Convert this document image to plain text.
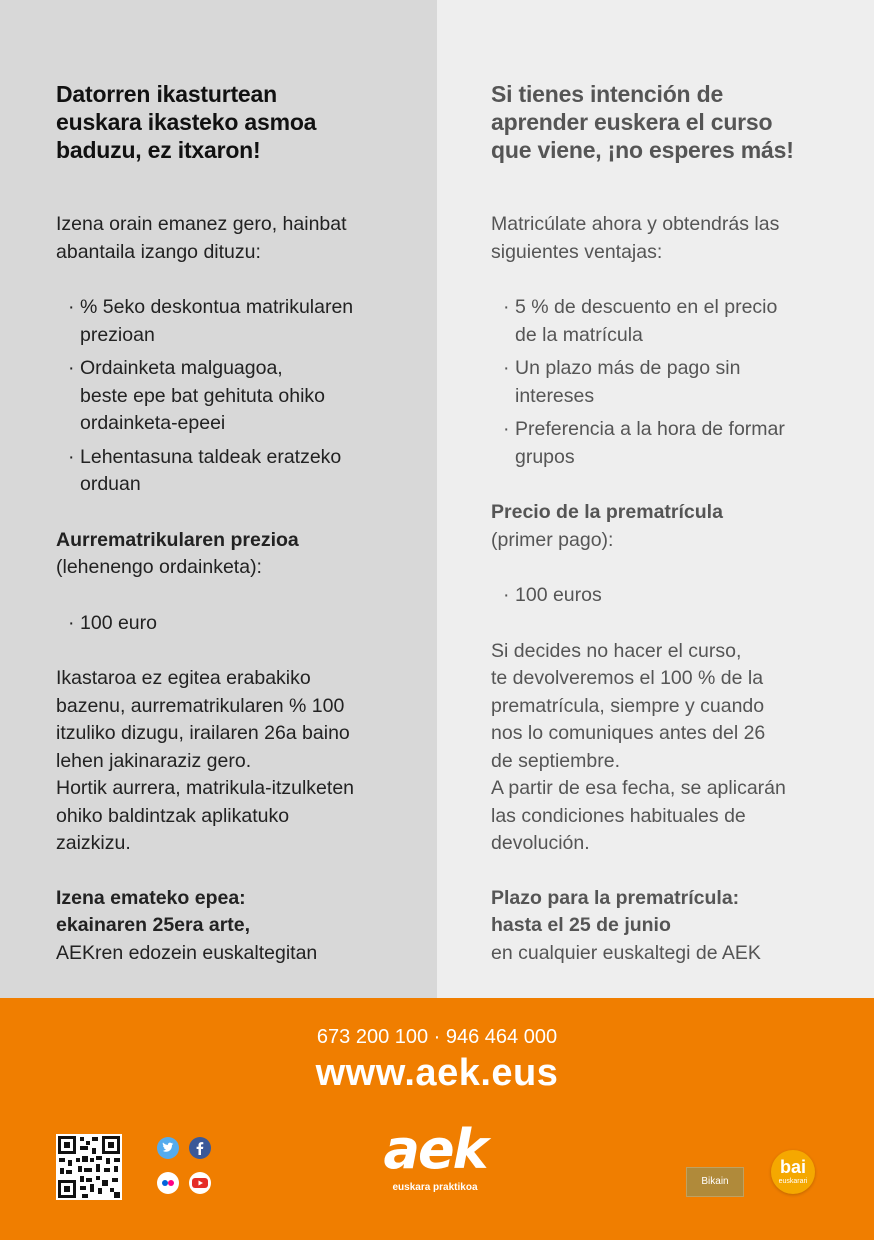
Datorren ikasturtean
euskara ikasteko asmoa
baduzu, ez itxaron!

Izena orain emanez gero, hainbat
abantaila izango dituzu:

· % 5eko deskontua matrikularen
prezioan
· Ordainketa malguagoa,
beste epe bat gehituta ohiko
ordainketa-epeei
· Lehentasuna taldeak eratzeko
orduan

Aurrematrikularen prezioa
(lehenengo ordainketa):

· 100 euro

Ikastaroa ez egitea erabakiko
bazenu, aurrematrikularen % 100
itzuliko dizugu, irailaren 26a baino
lehen jakinaraziz gero.
Hortik aurrera, matrikula-itzulketen
ohiko baldintzak aplikatuko
zaizkizu.

Izena emateko epea:
ekainaren 25era arte,
AEKren edozein euskaltegitan

Si tienes intención de
aprender euskera el curso
que viene, ¡no esperes más!

Matricúlate ahora y obtendrás las
siguientes ventajas:

· 5 % de descuento en el precio
de la matrícula
· Un plazo más de pago sin
intereses
· Preferencia a la hora de formar
grupos

Precio de la prematrícula
(primer pago):

· 100 euros

Si decides no hacer el curso,
te devolveremos el 100 % de la
prematrícula, siempre y cuando
nos lo comuniques antes del 26
de septiembre.
A partir de esa fecha, se aplicarán
las condiciones habituales de
devolución.

Plazo para la prematrícula:
hasta el 25 de junio
en cualquier euskaltegi de AEK

673 200 100 · 946 464 000
www.aek.eus
aek
euskara praktikoa
Bikain
bai
euskarari
